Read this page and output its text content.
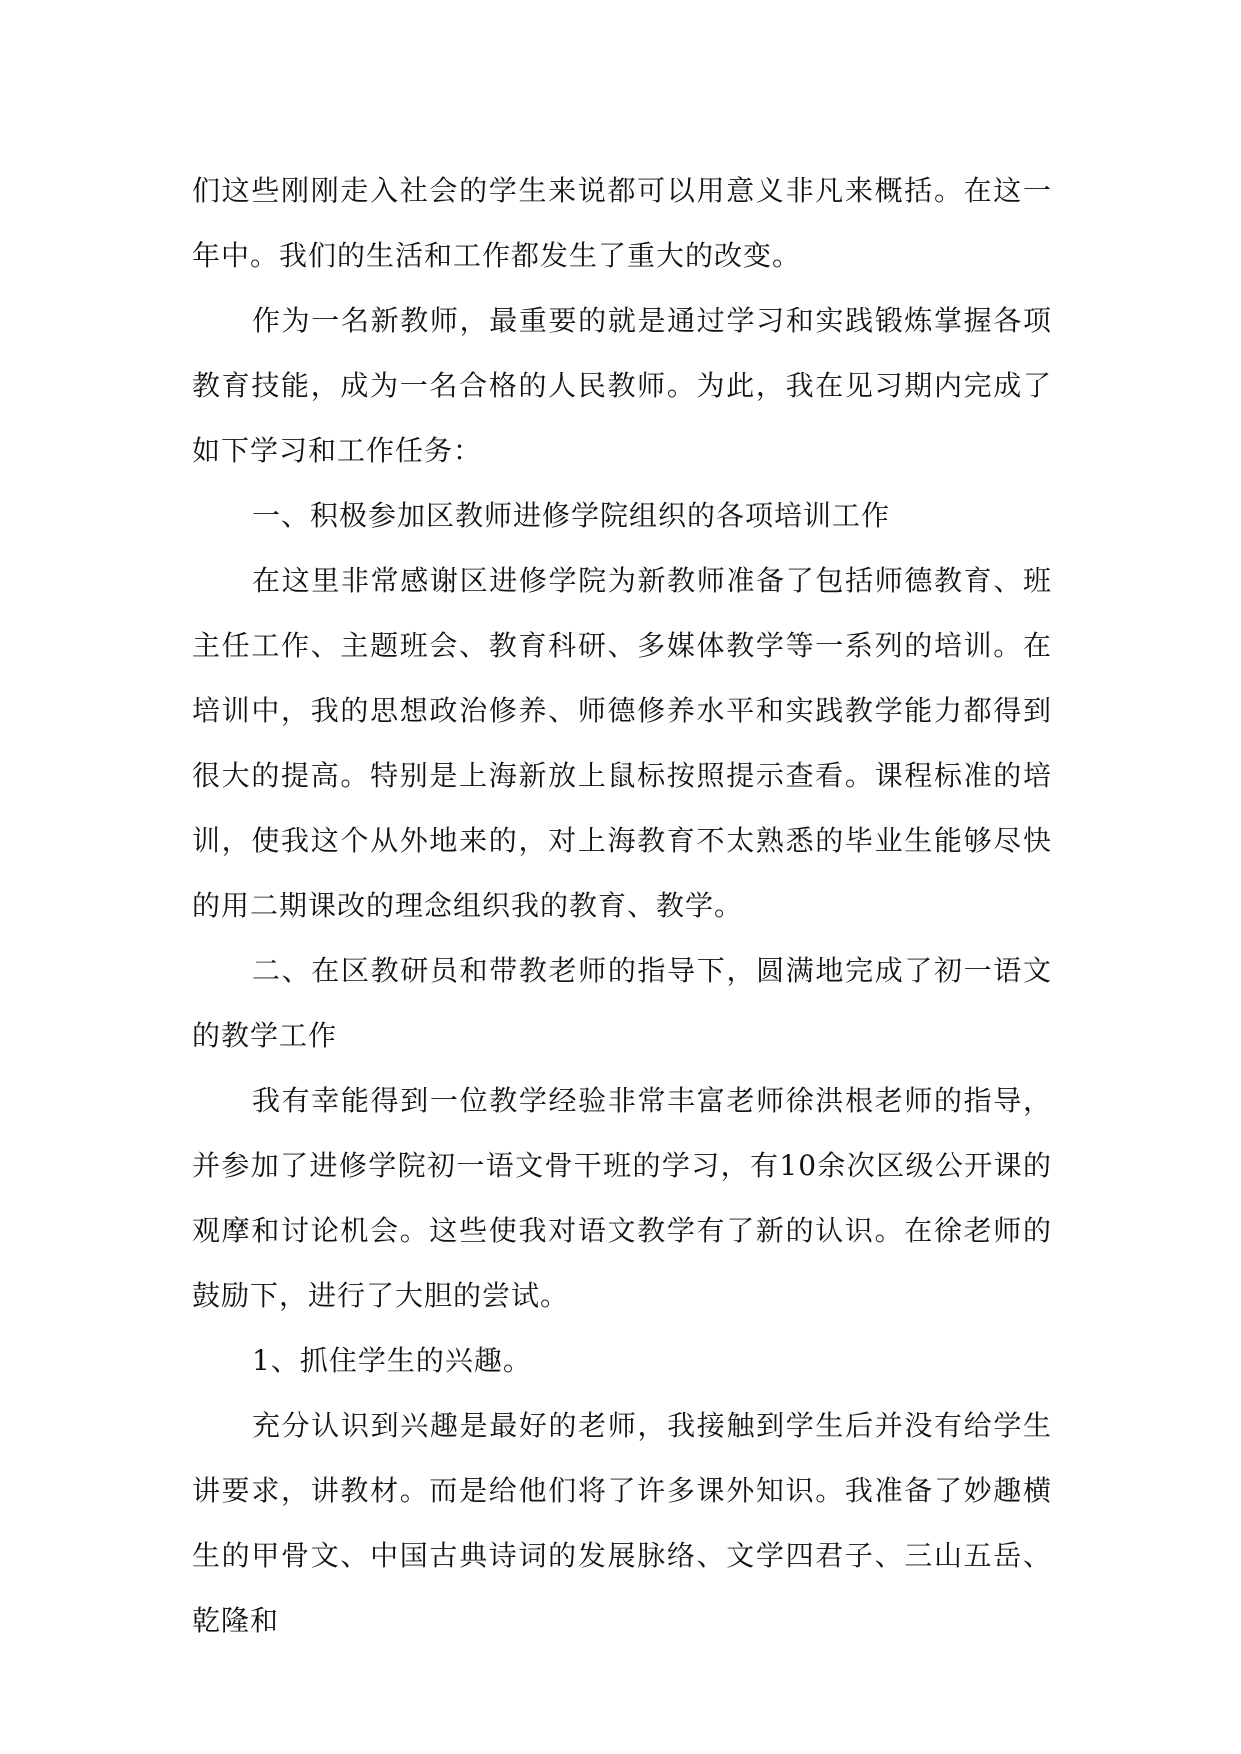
们这些刚刚走入社会的学生来说都可以用意义非凡来概括。在这一年中。我们的生活和工作都发生了重大的改变。

作为一名新教师，最重要的就是通过学习和实践锻炼掌握各项教育技能，成为一名合格的人民教师。为此，我在见习期内完成了如下学习和工作任务：

一、积极参加区教师进修学院组织的各项培训工作

在这里非常感谢区进修学院为新教师准备了包括师德教育、班主任工作、主题班会、教育科研、多媒体教学等一系列的培训。在培训中，我的思想政治修养、师德修养水平和实践教学能力都得到很大的提高。特别是上海新放上鼠标按照提示查看。课程标准的培训，使我这个从外地来的，对上海教育不太熟悉的毕业生能够尽快的用二期课改的理念组织我的教育、教学。

二、在区教研员和带教老师的指导下，圆满地完成了初一语文的教学工作

我有幸能得到一位教学经验非常丰富老师徐洪根老师的指导，并参加了进修学院初一语文骨干班的学习，有10余次区级公开课的观摩和讨论机会。这些使我对语文教学有了新的认识。在徐老师的鼓励下，进行了大胆的尝试。

1、抓住学生的兴趣。

充分认识到兴趣是最好的老师，我接触到学生后并没有给学生讲要求，讲教材。而是给他们将了许多课外知识。我准备了妙趣横生的甲骨文、中国古典诗词的发展脉络、文学四君子、三山五岳、乾隆和
